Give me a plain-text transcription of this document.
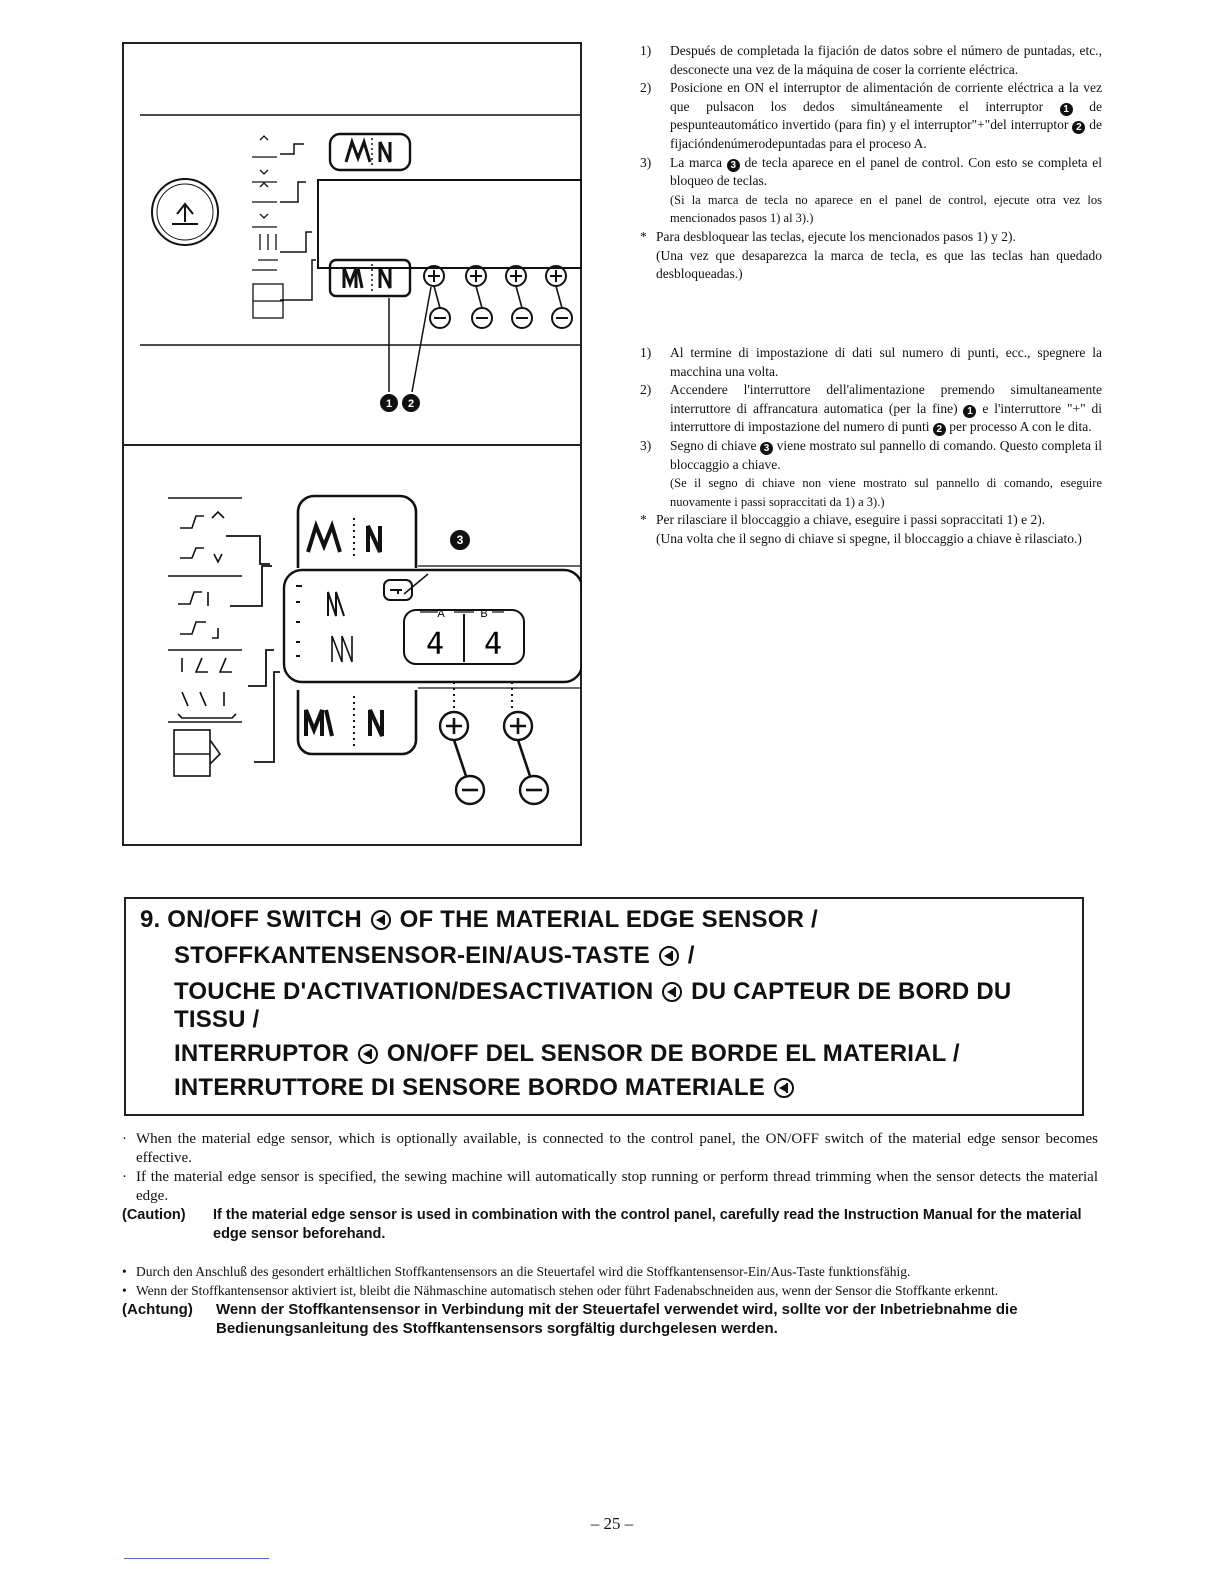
1 2
3
A	B
4 4
1)	Después de completada la fijación de datos sobre el número de puntadas, etc., desconecte una vez de la máquina de coser la corriente eléctrica.
2)	Posicione en ON el interruptor de alimentación de corriente eléctrica a la vez que pulsacon los dedos simultáneamente el interruptor 1 de pespunteautomático invertido (para fin) y el interruptor"+"del interruptor 2 de fijacióndenúmerodepuntadas para el proceso A.
3)	La marca 3 de tecla aparece en el panel de control. Con esto se completa el bloqueo de teclas.
(Si la marca de tecla no aparece en el panel de control, ejecute otra vez los mencionados pasos 1) al 3).)
* Para desbloquear las teclas, ejecute los mencionados pasos 1) y 2).
(Una vez que desaparezca la marca de tecla, es que las teclas han quedado desbloqueadas.)
1)	Al termine di impostazione di dati sul numero di punti, ecc., spegnere la macchina una volta.
2)	Accendere l'interruttore dell'alimentazione premendo simultaneamente interruttore di affrancatura automatica (per la fine) 1 e l'interruttore "+" di interruttore di impostazione del numero di punti 2 per processo A con le dita.
3)	Segno di chiave 3 viene mostrato sul pannello di comando. Questo completa il bloccaggio a chiave.
(Se il segno di chiave non viene mostrato sul pannello di comando, eseguire nuovamente i passi sopraccitati da 1) a 3).)
* Per rilasciare il bloccaggio a chiave, eseguire i passi sopraccitati 1) e 2).
(Una volta che il segno di chiave si spegne, il bloccaggio a chiave è rilasciato.)
9. ON/OFF SWITCH OF THE MATERIAL EDGE SENSOR /
STOFFKANTENSENSOR-EIN/AUS-TASTE /
TOUCHE D'ACTIVATION/DESACTIVATION DU CAPTEUR DE BORD DU
TISSU /
INTERRUPTOR ON/OFF DEL SENSOR DE BORDE EL MATERIAL /
INTERRUTTORE DI SENSORE BORDO MATERIALE
· When the material edge sensor, which is optionally available, is connected to the control panel, the ON/OFF switch of the material edge sensor becomes effective.
· If the material edge sensor is specified, the sewing machine will automatically stop running or perform thread trimming when the sensor detects the material edge.
(Caution)	If the material edge sensor is used in combination with the control panel, carefully read the Instruction Manual for the material edge sensor beforehand.
• Durch den Anschluß des gesondert erhältlichen Stoffkantensensors an die Steuertafel wird die Stoffkantensensor-Ein/Aus-Taste funktionsfähig.
• Wenn der Stoffkantensensor aktiviert ist, bleibt die Nähmaschine automatisch stehen oder führt Fadenabschneiden aus, wenn der Sensor die Stoffkante erkennt.
(Achtung)	Wenn der Stoffkantensensor in Verbindung mit der Steuertafel verwendet wird, sollte vor der Inbetriebnahme die Bedienungsanleitung des Stoffkantensensors sorgfältig durchgelesen werden.
– 25 –
